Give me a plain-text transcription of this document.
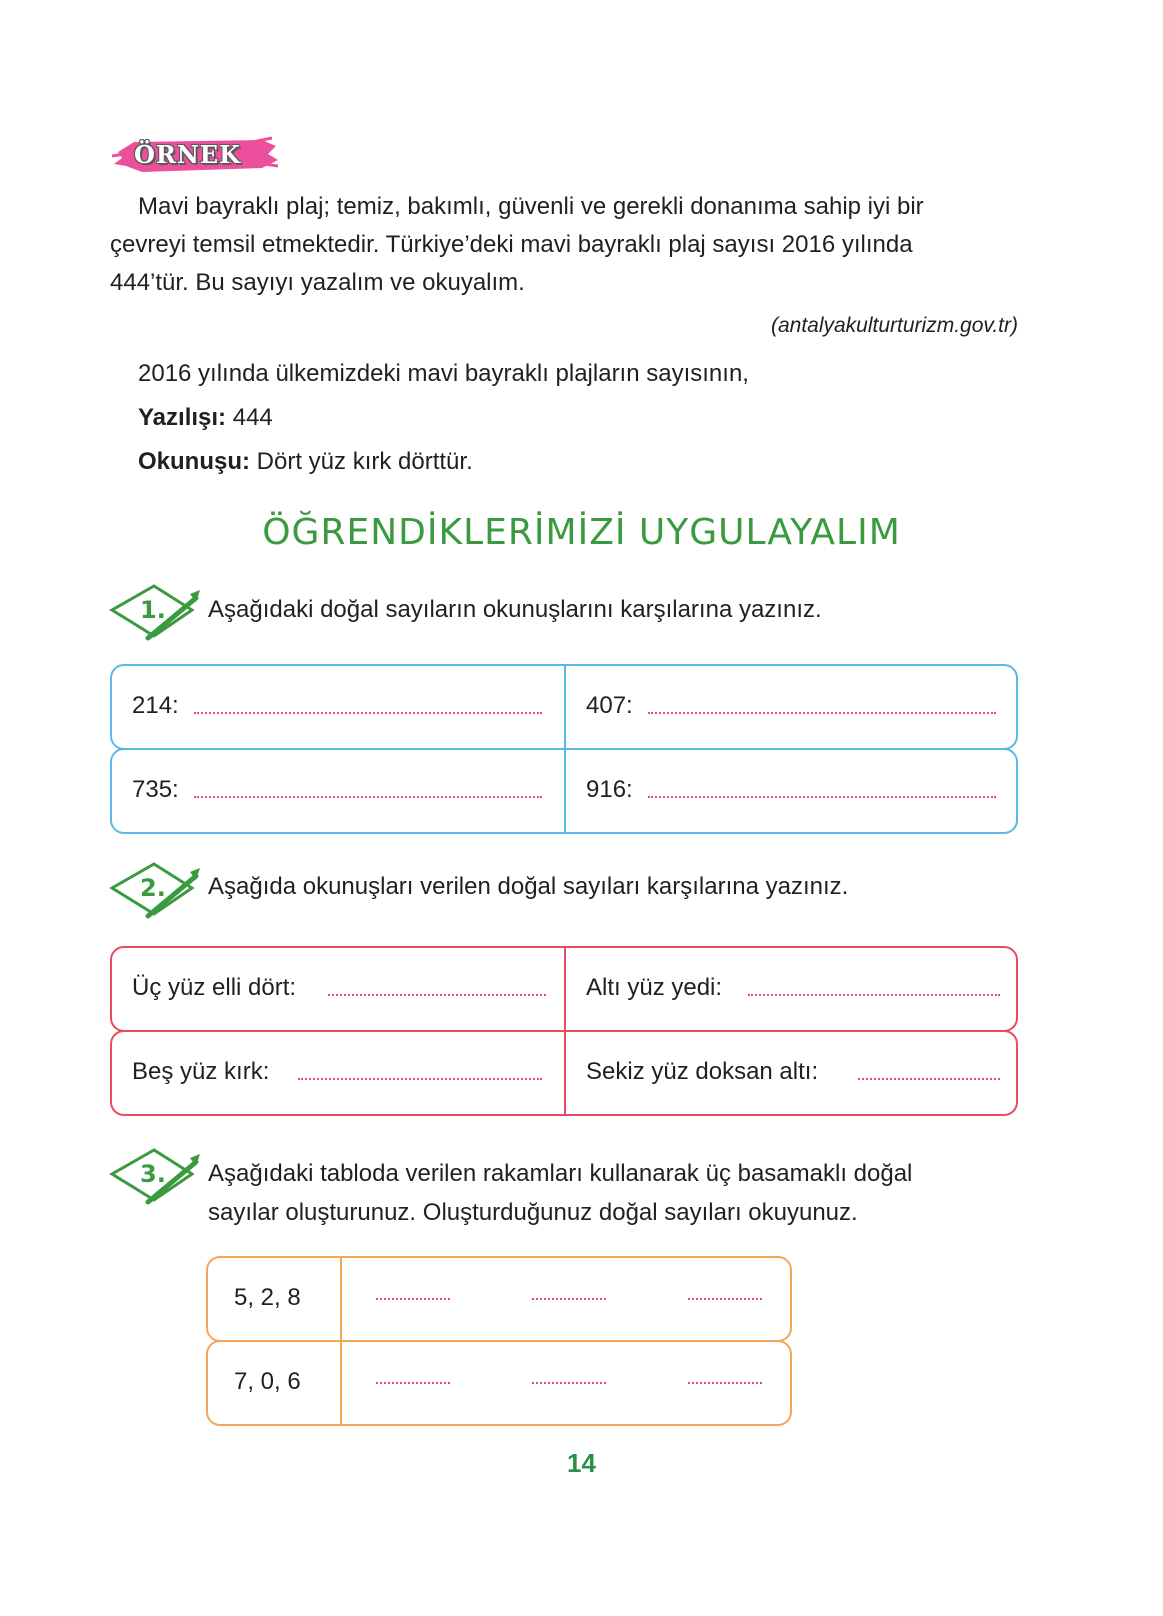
ÖRNEK
Mavi bayraklı plaj; temiz, bakımlı, güvenli ve gerekli donanıma sahip iyi bir
çevreyi temsil etmektedir. Türkiye’deki mavi bayraklı plaj sayısı 2016 yılında
444’tür. Bu sayıyı yazalım ve okuyalım.
(antalyakulturturizm.gov.tr)
2016 yılında ülkemizdeki mavi bayraklı plajların sayısının,
Yazılışı: 444
Okunuşu: Dört yüz kırk dörttür.
ÖĞRENDİKLERİMİZİ UYGULAYALIM
1. Aşağıdaki doğal sayıların okunuşlarını karşılarına yazınız.
214:	407:
735:	916:
2. Aşağıda okunuşları verilen doğal sayıları karşılarına yazınız.
Üç yüz elli dört:	Altı yüz yedi:
Beş yüz kırk:	Sekiz yüz doksan altı:
3. Aşağıdaki tabloda verilen rakamları kullanarak üç basamaklı doğal
sayılar oluşturunuz. Oluşturduğunuz doğal sayıları okuyunuz.
5, 2, 8
7, 0, 6
14
